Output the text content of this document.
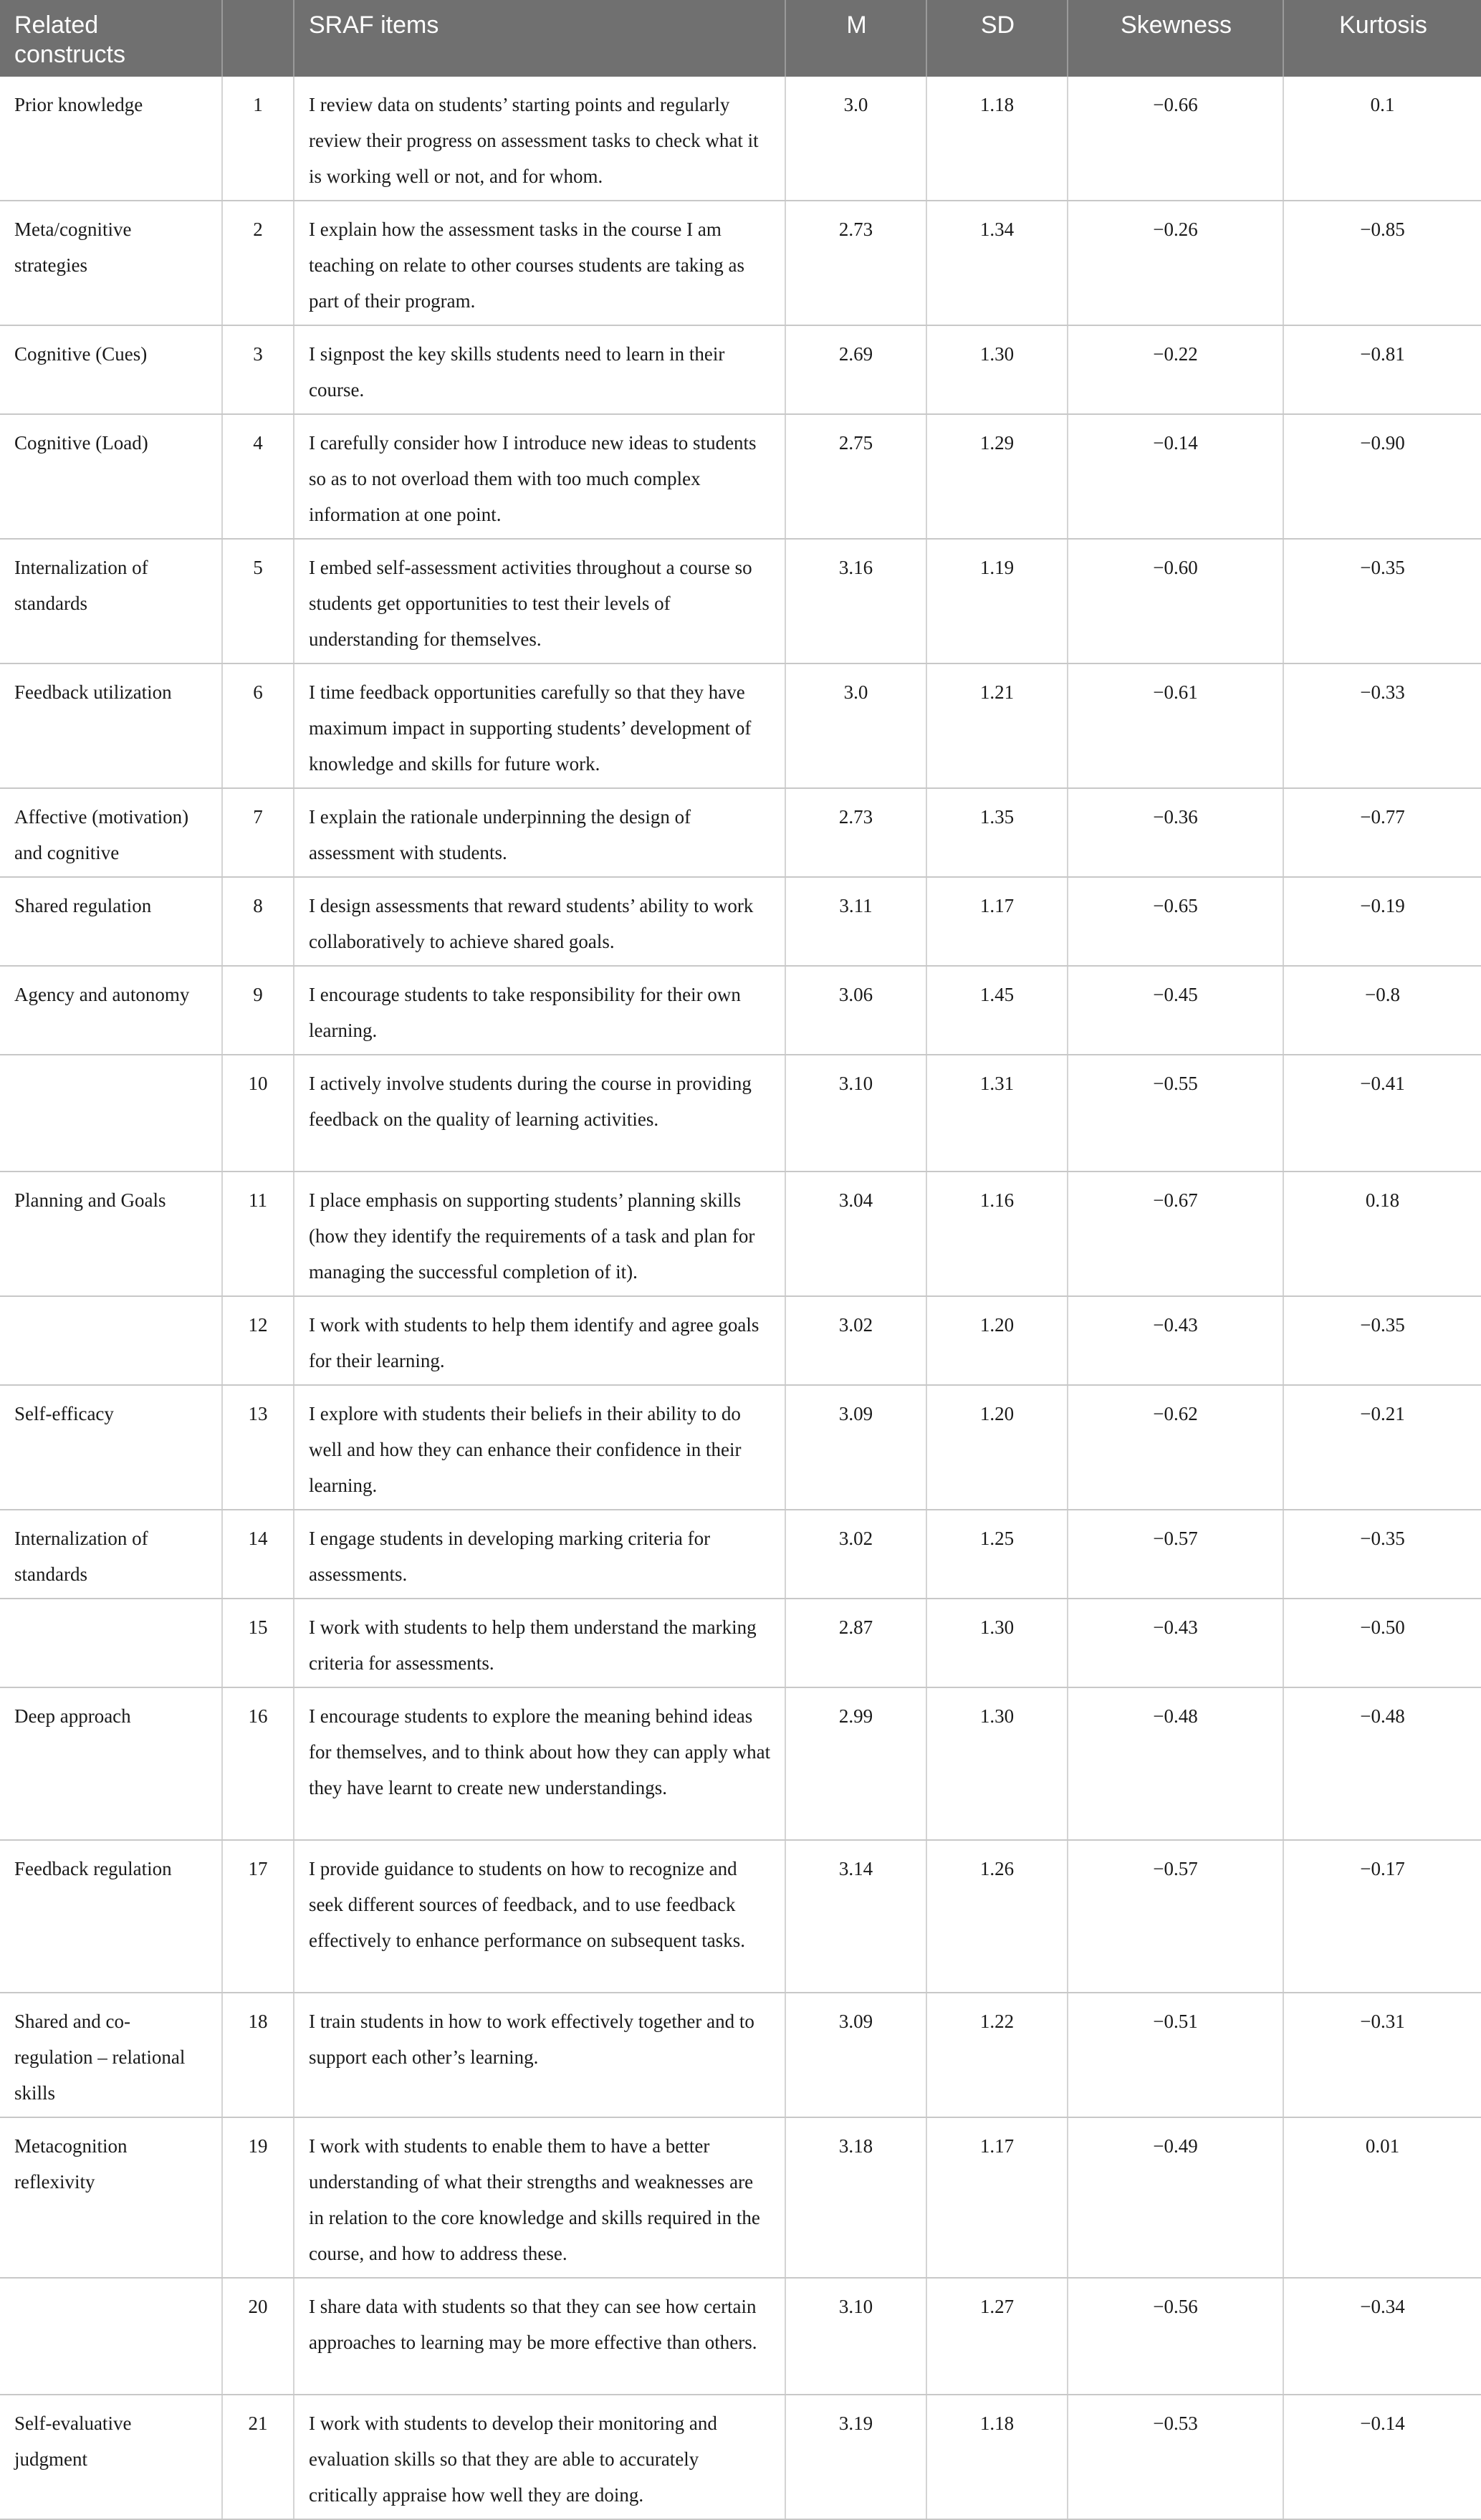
Related constructs		SRAF items	M	SD	Skewness	Kurtosis
Prior knowledge	1	I review data on students’ starting points and regularly review their progress on assessment tasks to check what it is working well or not, and for whom.	3.0	1.18	−0.66	0.1
Meta/cognitive strategies	2	I explain how the assessment tasks in the course I am teaching on relate to other courses students are taking as part of their program.	2.73	1.34	−0.26	−0.85
Cognitive (Cues)	3	I signpost the key skills students need to learn in their course.	2.69	1.30	−0.22	−0.81
Cognitive (Load)	4	I carefully consider how I introduce new ideas to students so as to not overload them with too much complex information at one point.	2.75	1.29	−0.14	−0.90
Internalization of standards	5	I embed self-assessment activities throughout a course so students get opportunities to test their levels of understanding for themselves.	3.16	1.19	−0.60	−0.35
Feedback utilization	6	I time feedback opportunities carefully so that they have maximum impact in supporting students’ development of knowledge and skills for future work.	3.0	1.21	−0.61	−0.33
Affective (motivation) and cognitive	7	I explain the rationale underpinning the design of assessment with students.	2.73	1.35	−0.36	−0.77
Shared regulation	8	I design assessments that reward students’ ability to work collaboratively to achieve shared goals.	3.11	1.17	−0.65	−0.19
Agency and autonomy	9	I encourage students to take responsibility for their own learning.	3.06	1.45	−0.45	−0.8
	10	I actively involve students during the course in providing feedback on the quality of learning activities.	3.10	1.31	−0.55	−0.41
Planning and Goals	11	I place emphasis on supporting students’ planning skills (how they identify the requirements of a task and plan for managing the successful completion of it).	3.04	1.16	−0.67	0.18
	12	I work with students to help them identify and agree goals for their learning.	3.02	1.20	−0.43	−0.35
Self-efficacy	13	I explore with students their beliefs in their ability to do well and how they can enhance their confidence in their learning.	3.09	1.20	−0.62	−0.21
Internalization of standards	14	I engage students in developing marking criteria for assessments.	3.02	1.25	−0.57	−0.35
	15	I work with students to help them understand the marking criteria for assessments.	2.87	1.30	−0.43	−0.50
Deep approach	16	I encourage students to explore the meaning behind ideas for themselves, and to think about how they can apply what they have learnt to create new understandings.	2.99	1.30	−0.48	−0.48
Feedback regulation	17	I provide guidance to students on how to recognize and seek different sources of feedback, and to use feedback effectively to enhance performance on subsequent tasks.	3.14	1.26	−0.57	−0.17
Shared and co-regulation – relational skills	18	I train students in how to work effectively together and to support each other’s learning.	3.09	1.22	−0.51	−0.31
Metacognition reflexivity	19	I work with students to enable them to have a better understanding of what their strengths and weaknesses are in relation to the core knowledge and skills required in the course, and how to address these.	3.18	1.17	−0.49	0.01
	20	I share data with students so that they can see how certain approaches to learning may be more effective than others.	3.10	1.27	−0.56	−0.34
Self-evaluative judgment	21	I work with students to develop their monitoring and evaluation skills so that they are able to accurately critically appraise how well they are doing.	3.19	1.18	−0.53	−0.14
